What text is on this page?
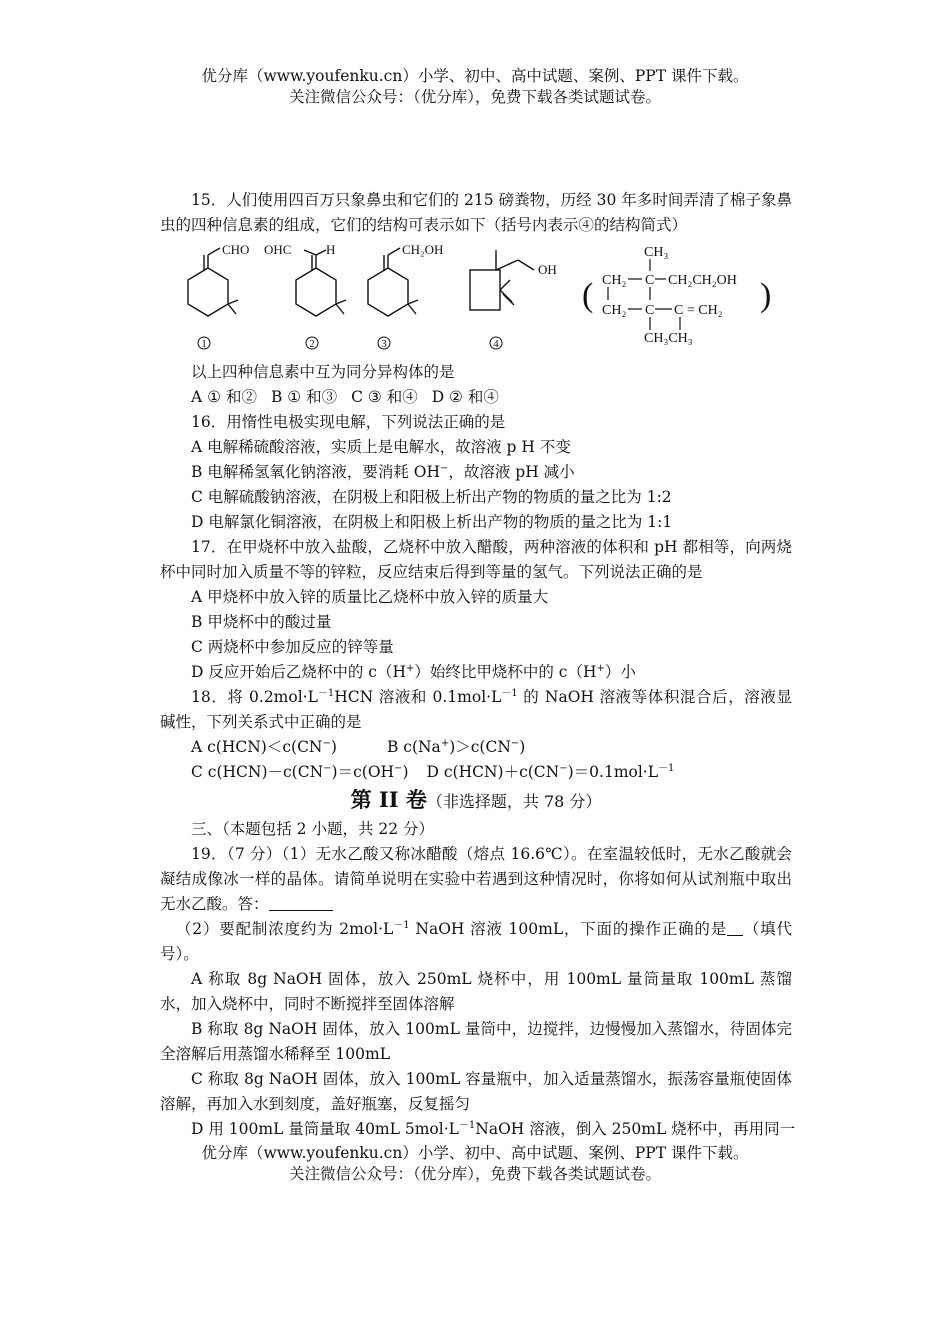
优分库（www.youfenku.cn）小学、初中、高中试题、案例、PPT 课件下载。
关注微信公众号：（优分库），免费下载各类试题试卷。

15．人们使用四百万只象鼻虫和它们的 215 磅粪物，历经 30 年多时间弄清了棉子象鼻虫的四种信息素的组成，它们的结构可表示如下（括号内表示④的结构简式）

CHO
1
OHC	H
2
CH₂OH
3
OH
4
(	)
CH₃
CH₂ C CH₂CH₂OH
CH₂ C C = CH₂
CH₃CH₃

以上四种信息素中互为同分异构体的是

A ① 和② B ① 和③ C ③ 和④ D ② 和④

16．用惰性电极实现电解，下列说法正确的是

A 电解稀硫酸溶液，实质上是电解水，故溶液 p H 不变

B 电解稀氢氧化钠溶液，要消耗 OH−，故溶液 pH 减小

C 电解硫酸钠溶液，在阴极上和阳极上析出产物的物质的量之比为 1:2

D 电解氯化铜溶液，在阴极上和阳极上析出产物的物质的量之比为 1:1

17．在甲烧杯中放入盐酸，乙烧杯中放入醋酸，两种溶液的体积和 pH 都相等，向两烧杯中同时加入质量不等的锌粒，反应结束后得到等量的氢气。下列说法正确的是

A 甲烧杯中放入锌的质量比乙烧杯中放入锌的质量大

B 甲烧杯中的酸过量

C 两烧杯中参加反应的锌等量

D 反应开始后乙烧杯中的 c（H+）始终比甲烧杯中的 c（H+）小

18．将 $0.2mol\cdot L^{-1}HCN$ 溶液和 $0.1mol\cdot L^{-1}$ 的 NaOH 溶液等体积混合后，溶液显碱性，下列关系式中正确的是

A c(HCN)＜c(CN−)	B c(Na+)＞c(CN−)

C c(HCN)－c(CN−)＝c(OH−) D $c(HCN)+c(CN^-)=0.1mol\cdot L^{-1}$

第 II 卷（非选择题，共 78 分）

三、（本题包括 2 小题，共 22 分）

19．（7 分）（1）无水乙酸又称冰醋酸（熔点 16.6℃）。在室温较低时，无水乙酸就会凝结成像冰一样的晶体。请简单说明在实验中若遇到这种情况时，你将如何从试剂瓶中取出无水乙酸。答：

（2）要配制浓度约为 $2mol\cdot L^{-1}$ NaOH 溶液 100mL，下面的操作正确的是 （填代号）。

A 称取 8g NaOH 固体，放入 250mL 烧杯中，用 100mL 量筒量取 100mL 蒸馏水，加入烧杯中，同时不断搅拌至固体溶解

B 称取 8g NaOH 固体，放入 100mL 量筒中，边搅拌，边慢慢加入蒸馏水，待固体完全溶解后用蒸馏水稀释至 100mL

C 称取 8g NaOH 固体，放入 100mL 容量瓶中，加入适量蒸馏水，振荡容量瓶使固体溶解，再加入水到刻度，盖好瓶塞，反复摇匀

D 用 100mL 量筒量取 40mL $5mol\cdot L^{-1}NaOH$ 溶液，倒入 250mL 烧杯中，再用同一

优分库（www.youfenku.cn）小学、初中、高中试题、案例、PPT 课件下载。
关注微信公众号：（优分库），免费下载各类试题试卷。
